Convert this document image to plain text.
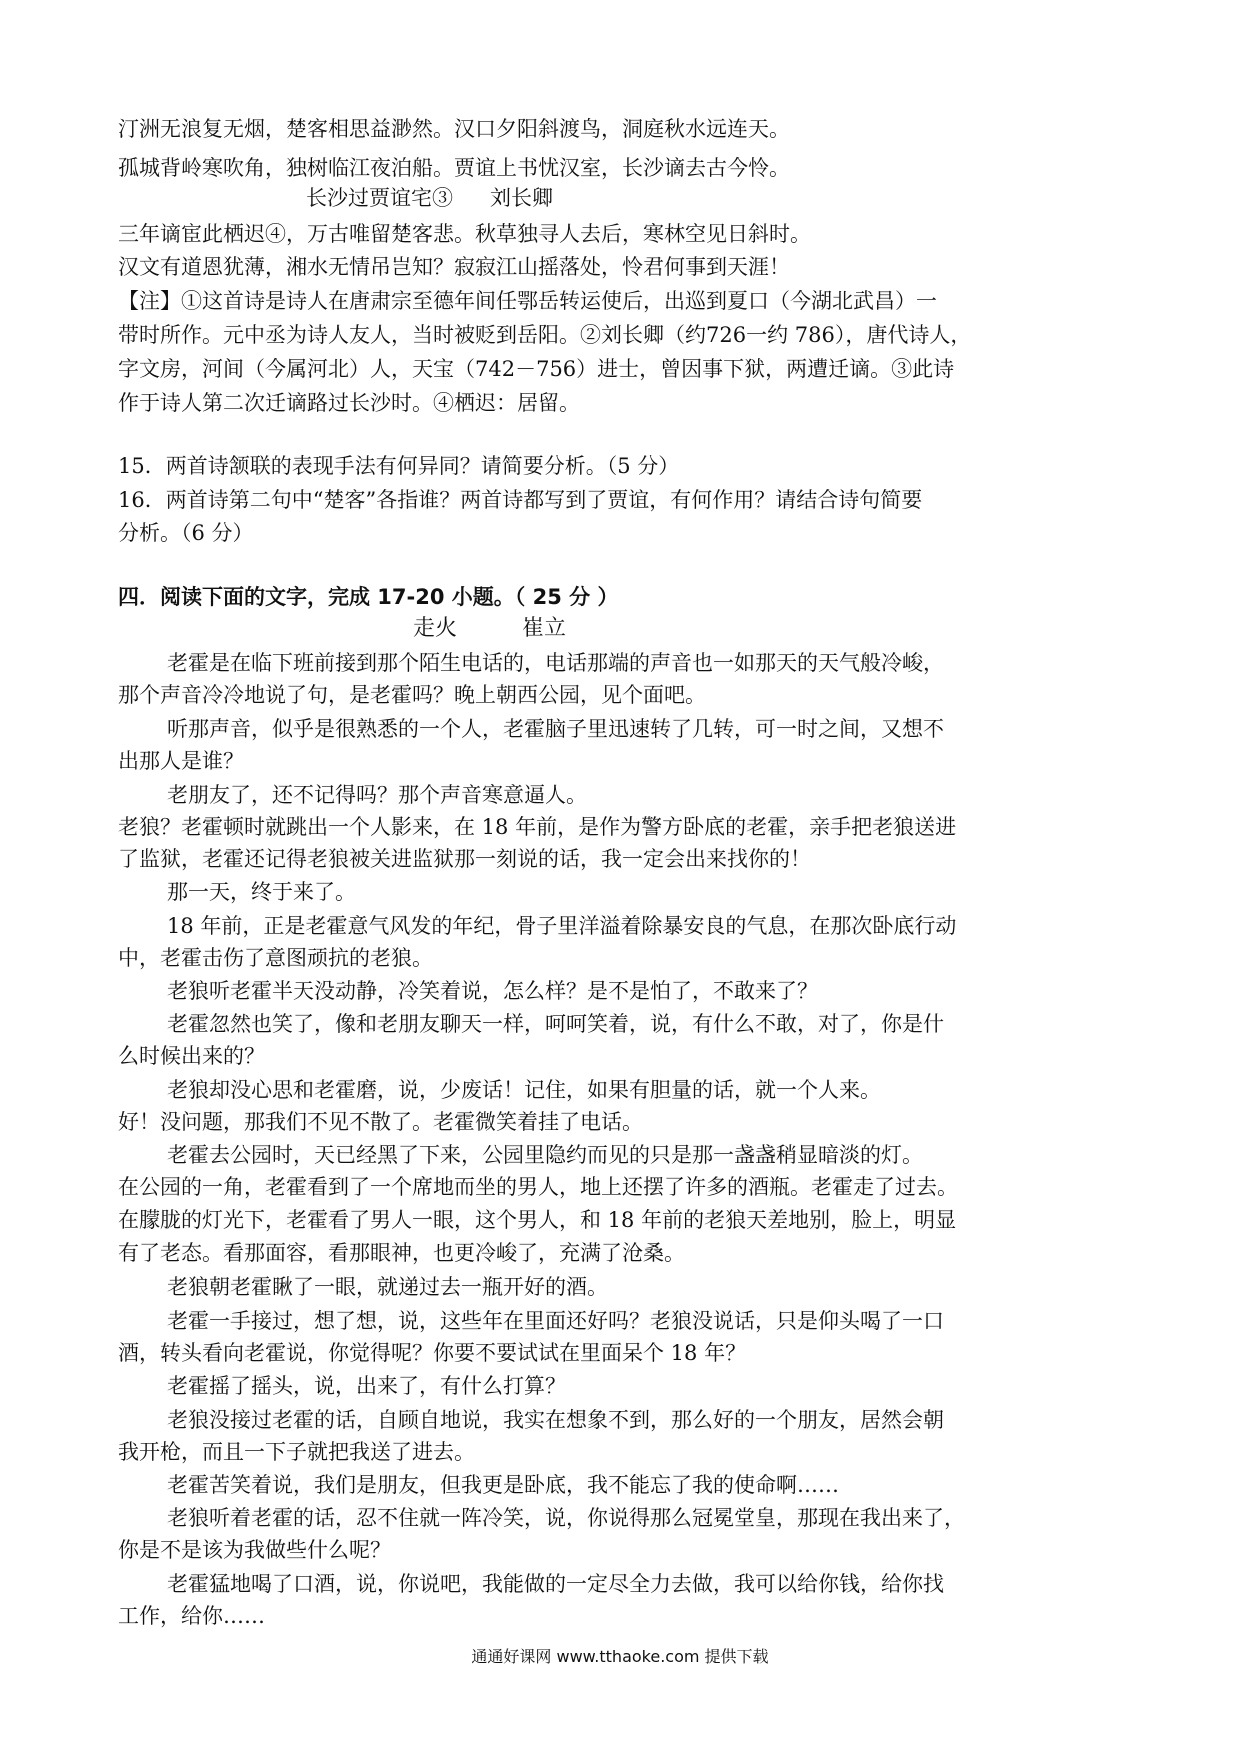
汀洲无浪复无烟，楚客相思益渺然。汉口夕阳斜渡鸟，洞庭秋水远连天。

孤城背岭寒吹角，独树临江夜泊船。贾谊上书忧汉室，长沙谪去古今怜。

长沙过贾谊宅③ 刘长卿

三年谪宦此栖迟④，万古唯留楚客悲。秋草独寻人去后，寒林空见日斜时。

汉文有道恩犹薄，湘水无情吊岂知？寂寂江山摇落处，怜君何事到天涯！

【注】①这首诗是诗人在唐肃宗至德年间任鄂岳转运使后，出巡到夏口（今湖北武昌）一

带时所作。元中丞为诗人友人，当时被贬到岳阳。②刘长卿（约726一约 786），唐代诗人，

字文房，河间（今属河北）人，天宝（742－756）进士，曾因事下狱，两遭迁谪。③此诗

作于诗人第二次迁谪路过长沙时。④栖迟：居留。

15．两首诗颔联的表现手法有何异同？请简要分析。（5 分）

16．两首诗第二句中“楚客”各指谁？两首诗都写到了贾谊，有何作用？请结合诗句简要

分析。（6 分）

四．阅读下面的文字，完成 17-20 小题。（ 25 分 ）

走火	崔立

老霍是在临下班前接到那个陌生电话的，电话那端的声音也一如那天的天气般冷峻，

那个声音冷冷地说了句，是老霍吗？晚上朝西公园，见个面吧。

听那声音，似乎是很熟悉的一个人，老霍脑子里迅速转了几转，可一时之间，又想不

出那人是谁？

老朋友了，还不记得吗？那个声音寒意逼人。

老狼？老霍顿时就跳出一个人影来，在 18 年前，是作为警方卧底的老霍，亲手把老狼送进

了监狱，老霍还记得老狼被关进监狱那一刻说的话，我一定会出来找你的！

那一天，终于来了。

18 年前，正是老霍意气风发的年纪，骨子里洋溢着除暴安良的气息，在那次卧底行动

中，老霍击伤了意图顽抗的老狼。

老狼听老霍半天没动静，冷笑着说，怎么样？是不是怕了，不敢来了？

老霍忽然也笑了，像和老朋友聊天一样，呵呵笑着，说，有什么不敢，对了，你是什

么时候出来的？

老狼却没心思和老霍磨，说，少废话！记住，如果有胆量的话，就一个人来。

好！没问题，那我们不见不散了。老霍微笑着挂了电话。

老霍去公园时，天已经黑了下来，公园里隐约而见的只是那一盏盏稍显暗淡的灯。

在公园的一角，老霍看到了一个席地而坐的男人，地上还摆了许多的酒瓶。老霍走了过去。

在朦胧的灯光下，老霍看了男人一眼，这个男人，和 18 年前的老狼天差地别，脸上，明显

有了老态。看那面容，看那眼神，也更冷峻了，充满了沧桑。

老狼朝老霍瞅了一眼，就递过去一瓶开好的酒。

老霍一手接过，想了想，说，这些年在里面还好吗？老狼没说话，只是仰头喝了一口

酒，转头看向老霍说，你觉得呢？你要不要试试在里面呆个 18 年？

老霍摇了摇头，说，出来了，有什么打算？

老狼没接过老霍的话，自顾自地说，我实在想象不到，那么好的一个朋友，居然会朝

我开枪，而且一下子就把我送了进去。

老霍苦笑着说，我们是朋友，但我更是卧底，我不能忘了我的使命啊……

老狼听着老霍的话，忍不住就一阵冷笑，说，你说得那么冠冕堂皇，那现在我出来了，

你是不是该为我做些什么呢？

老霍猛地喝了口酒，说，你说吧，我能做的一定尽全力去做，我可以给你钱，给你找

工作，给你……

通通好课网 www.tthaoke.com 提供下载
